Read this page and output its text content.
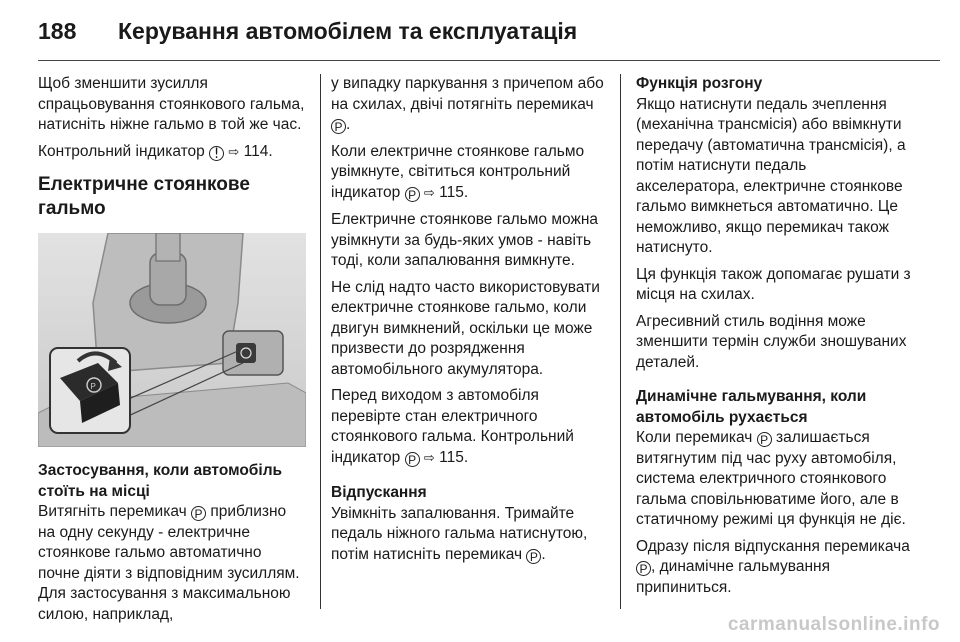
188	Керування автомобілем та експлуатація

Щоб зменшити зусилля спрацьовування стоянкового гальма, натисніть ніжне гальмо в той же час.

Контрольний індикатор ! ⇨ 114.

Електричне стоянкове гальмо
P

Застосування, коли автомобіль стоїть на місці

Витягніть перемикач P приблизно на одну секунду - електричне стоянкове гальмо автоматично почне діяти з відповідним зусиллям. Для застосування з максимальною силою, наприклад,

у випадку паркування з причепом або на схилах, двічі потягніть перемикач P .

Коли електричне стоянкове гальмо увімкнуте, світиться контрольний індикатор P ⇨ 115.

Електричне стоянкове гальмо можна увімкнути за будь-яких умов - навіть тоді, коли запалювання вимкнуте.

Не слід надто часто використовувати електричне стоянкове гальмо, коли двигун вимкнений, оскільки це може призвести до розрядження автомобільного акумулятора.

Перед виходом з автомобіля перевірте стан електричного стоянкового гальма. Контрольний індикатор P ⇨ 115.

Відпускання

Увімкніть запалювання. Тримайте педаль ніжного гальма натиснутою, потім натисніть перемикач P .

Функція розгону

Якщо натиснути педаль зчеплення (механічна трансмісія) або ввімкнути передачу (автоматична трансмісія), а потім натиснути педаль акселератора, електричне стоянкове гальмо вимкнеться автоматично. Це неможливо, якщо перемикач також натиснуто.

Ця функція також допомагає рушати з місця на схилах.

Агресивний стиль водіння може зменшити термін служби зношуваних деталей.

Динамічне гальмування, коли автомобіль рухається

Коли перемикач P залишається витягнутим під час руху автомобіля, система електричного стоянкового гальма сповільнюватиме його, але в статичному режимі ця функція не діє.

Одразу після відпускання перемикача P , динамічне гальмування припиниться.

carmanualsonline.info
